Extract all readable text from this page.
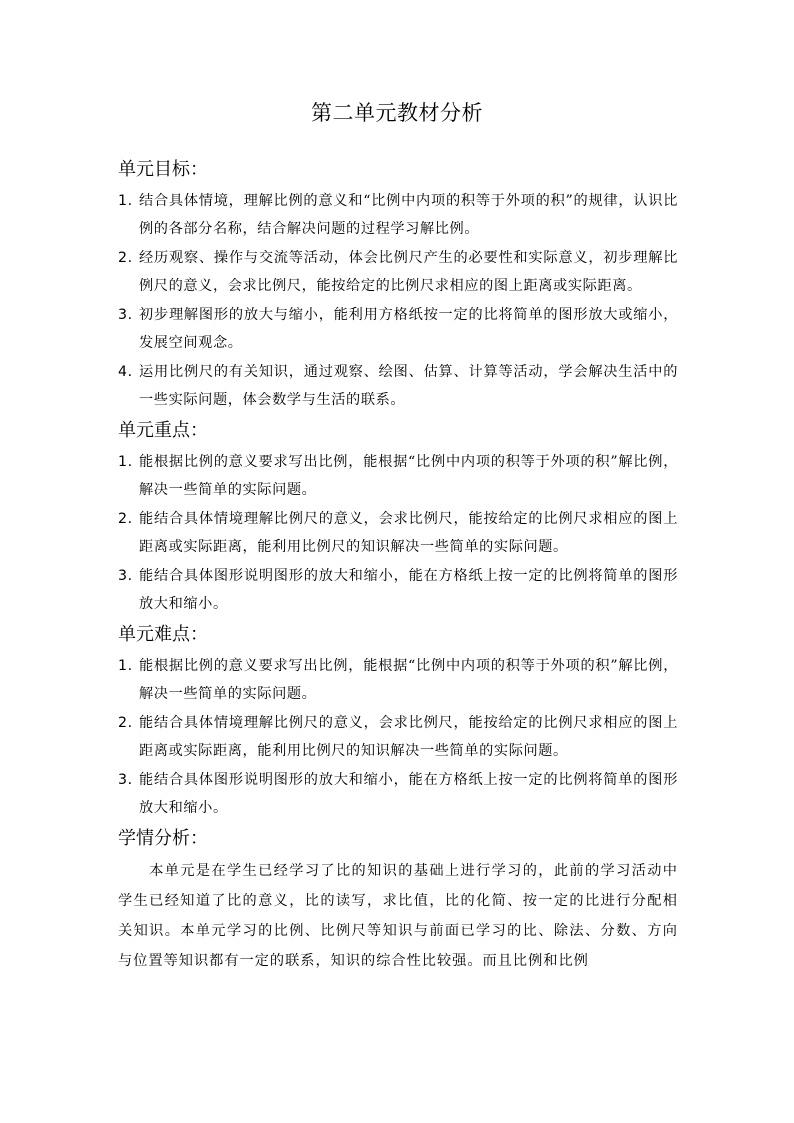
第二单元教材分析
单元目标：
1. 结合具体情境，理解比例的意义和“比例中内项的积等于外项的积”的规律，认识比例的各部分名称，结合解决问题的过程学习解比例。
2. 经历观察、操作与交流等活动，体会比例尺产生的必要性和实际意义，初步理解比例尺的意义，会求比例尺，能按给定的比例尺求相应的图上距离或实际距离。
3. 初步理解图形的放大与缩小，能利用方格纸按一定的比将简单的图形放大或缩小，发展空间观念。
4. 运用比例尺的有关知识，通过观察、绘图、估算、计算等活动，学会解决生活中的一些实际问题，体会数学与生活的联系。
单元重点：
1. 能根据比例的意义要求写出比例，能根据“比例中内项的积等于外项的积”解比例，解决一些简单的实际问题。
2. 能结合具体情境理解比例尺的意义，会求比例尺，能按给定的比例尺求相应的图上距离或实际距离，能利用比例尺的知识解决一些简单的实际问题。
3. 能结合具体图形说明图形的放大和缩小，能在方格纸上按一定的比例将简单的图形放大和缩小。
单元难点：
1. 能根据比例的意义要求写出比例，能根据“比例中内项的积等于外项的积”解比例，解决一些简单的实际问题。
2. 能结合具体情境理解比例尺的意义，会求比例尺，能按给定的比例尺求相应的图上距离或实际距离，能利用比例尺的知识解决一些简单的实际问题。
3. 能结合具体图形说明图形的放大和缩小，能在方格纸上按一定的比例将简单的图形放大和缩小。
学情分析：

本单元是在学生已经学习了比的知识的基础上进行学习的，此前的学习活动中学生已经知道了比的意义，比的读写，求比值，比的化简、按一定的比进行分配相关知识。本单元学习的比例、比例尺等知识与前面已学习的比、除法、分数、方向与位置等知识都有一定的联系，知识的综合性比较强。而且比例和比例
